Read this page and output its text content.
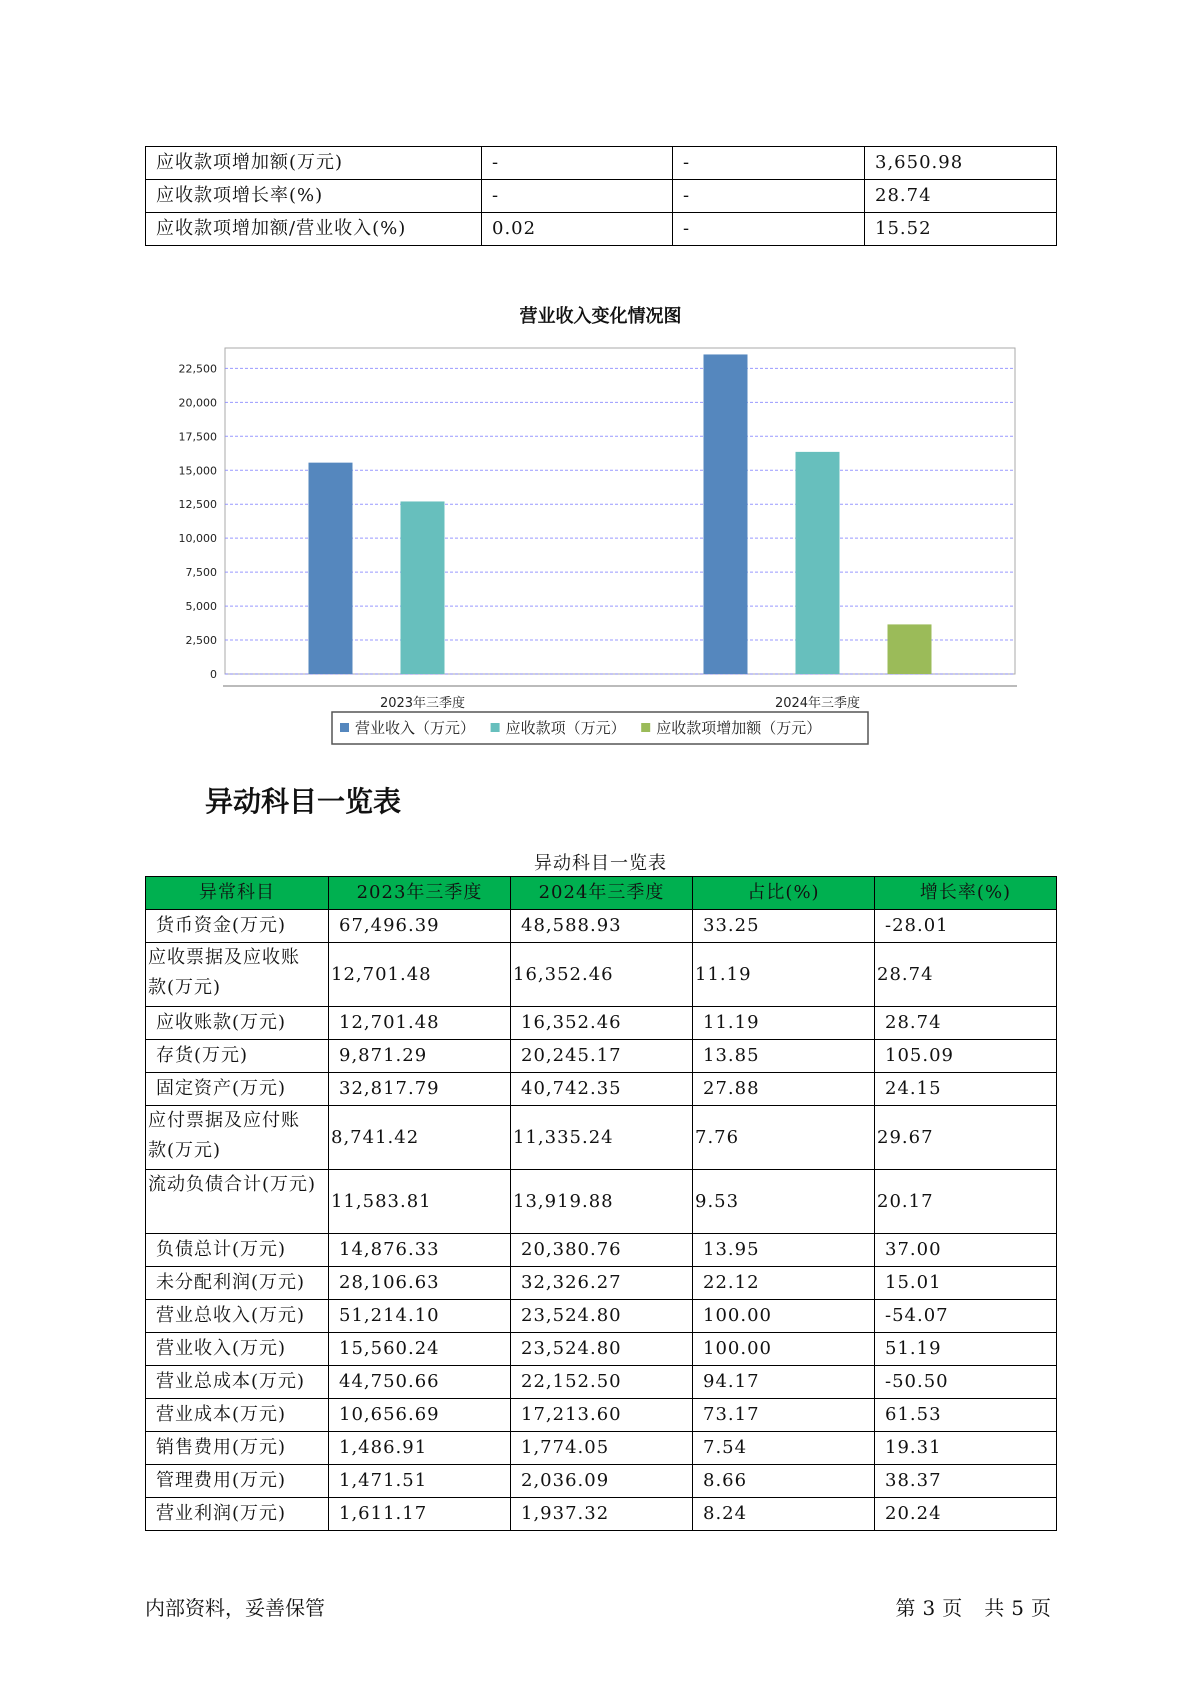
应收款项增加额(万元)	-	-	3,650.98
应收款项增长率(%)	-	-	28.74
应收款项增加额/营业收入(%)	0.02	-	15.52
营业收入变化情况图
0
2,500
5,000
7,500
10,000
12,500
15,000
17,500
20,000
22,500
2023年三季度	2024年三季度
营业收入（万元） 应收款项（万元） 应收款项增加额（万元）
异动科目一览表
异动科目一览表
异常科目	2023年三季度	2024年三季度	占比(%)	增长率(%)
货币资金(万元)	67,496.39	48,588.93	33.25	-28.01
应收票据及应收账款(万元)	12,701.48	16,352.46	11.19	28.74
应收账款(万元)	12,701.48	16,352.46	11.19	28.74
存货(万元)	9,871.29	20,245.17	13.85	105.09
固定资产(万元)	32,817.79	40,742.35	27.88	24.15
应付票据及应付账款(万元)	8,741.42	11,335.24	7.76	29.67
流动负债合计(万元)	11,583.81	13,919.88	9.53	20.17
负债总计(万元)	14,876.33	20,380.76	13.95	37.00
未分配利润(万元)	28,106.63	32,326.27	22.12	15.01
营业总收入(万元)	51,214.10	23,524.80	100.00	-54.07
营业收入(万元)	15,560.24	23,524.80	100.00	51.19
营业总成本(万元)	44,750.66	22,152.50	94.17	-50.50
营业成本(万元)	10,656.69	17,213.60	73.17	61.53
销售费用(万元)	1,486.91	1,774.05	7.54	19.31
管理费用(万元)	1,471.51	2,036.09	8.66	38.37
营业利润(万元)	1,611.17	1,937.32	8.24	20.24
内部资料，妥善保管	第 3 页　共 5 页
